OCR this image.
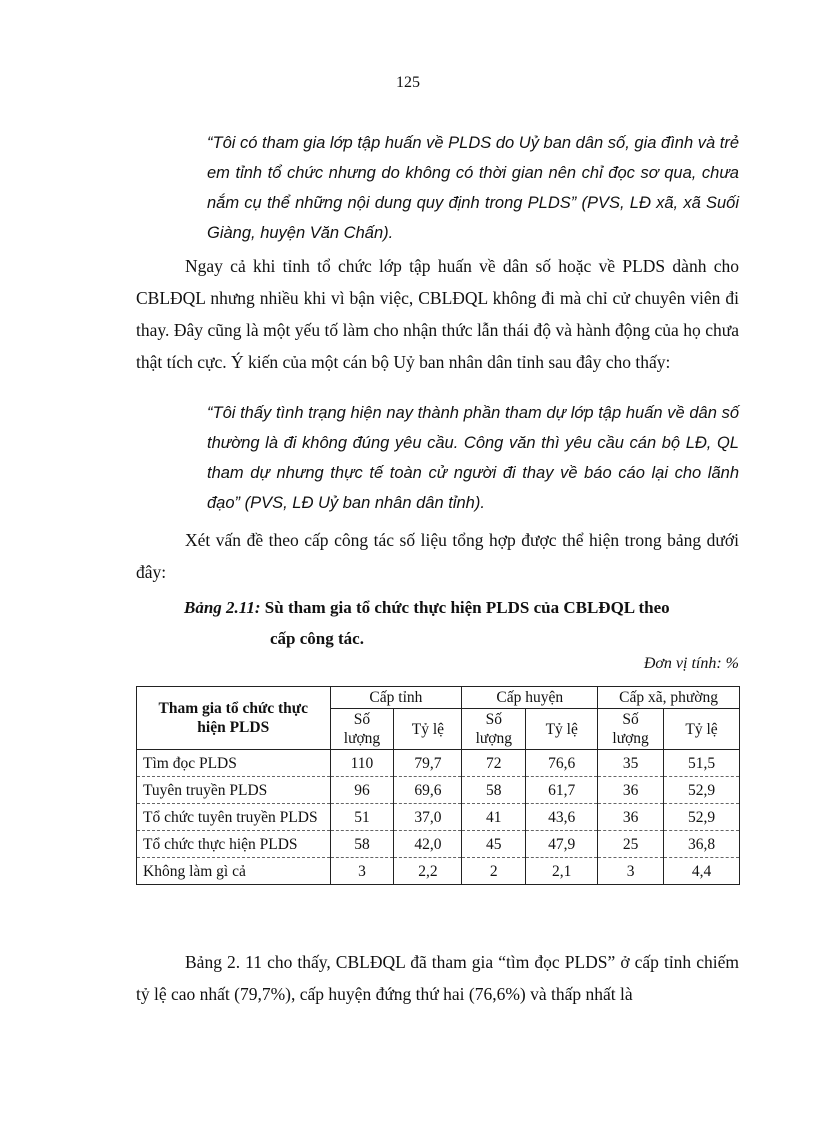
125
“Tôi có tham gia lớp tập huấn về PLDS do Uỷ ban dân số, gia đình và trẻ em tỉnh tổ chức nhưng do không có thời gian nên chỉ đọc sơ qua, chưa nắm cụ thể những nội dung quy định trong PLDS” (PVS, LĐ xã, xã Suối Giàng, huyện Văn Chấn).
Ngay cả khi tỉnh tổ chức lớp tập huấn về dân số hoặc về PLDS dành cho CBLĐQL nhưng nhiều khi vì bận việc, CBLĐQL không đi mà chỉ cử chuyên viên đi thay. Đây cũng là một yếu tố làm cho nhận thức lẫn thái độ và hành động của họ chưa thật tích cực. Ý kiến của một cán bộ Uỷ ban nhân dân tỉnh sau đây cho thấy:
“Tôi thấy tình trạng hiện nay thành phần tham dự lớp tập huấn về dân số thường là đi không đúng yêu cầu. Công văn thì yêu cầu cán bộ LĐ, QL tham dự nhưng thực tế toàn cử người đi thay về báo cáo lại cho lãnh đạo” (PVS, LĐ Uỷ ban nhân dân tỉnh).
Xét vấn đề theo cấp công tác số liệu tổng hợp được thể hiện trong bảng dưới đây:
Bảng 2.11: Sù tham gia tổ chức thực hiện PLDS của CBLĐQL theo
cấp công tác.
Đơn vị tính: %
Tham gia tổ chức thực hiện PLDS	Cấp tỉnh		Cấp huyện		Cấp xã, phường	
	Số lượng	Tỷ lệ	Số lượng	Tỷ lệ	Số lượng	Tỷ lệ
Tìm đọc PLDS	110	79,7	72	76,6	35	51,5
Tuyên truyền PLDS	96	69,6	58	61,7	36	52,9
Tổ chức tuyên truyền PLDS	51	37,0	41	43,6	36	52,9
Tổ chức thực hiện PLDS	58	42,0	45	47,9	25	36,8
Không làm gì cả	3	2,2	2	2,1	3	4,4
Bảng 2. 11 cho thấy, CBLĐQL đã tham gia “tìm đọc PLDS” ở cấp tỉnh chiếm tỷ lệ cao nhất (79,7%), cấp huyện đứng thứ hai (76,6%) và thấp nhất là
